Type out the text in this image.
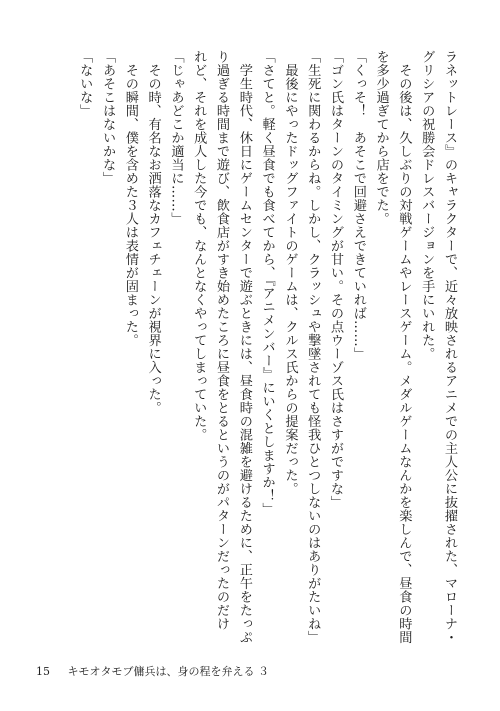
ラネットレース』のキャラクターで、近々放映されるアニメでの主人公に抜擢された、マローナ・
グリシアの祝勝会ドレスバージョンを手にいれた。
　その後は、久しぶりの対戦ゲームやレースゲーム。メダルゲームなんかを楽しんで、昼食の時間
を多少過ぎてから店をでた。
「くっそ！　あそこで回避さえできていれば……」
「ゴン氏はターンのタイミングが甘い。その点ウーゾス氏はさすがですな」
「生死に関わるからね。しかし、クラッシュや撃墜されても怪我ひとつしないのはありがたいね」
　最後にやったドッグファイトのゲームは、クルス氏からの提案だった。
「さてと。軽く昼食でも食べてから、『アニメンバー』にいくとしますか！」
　学生時代、休日にゲームセンターで遊ぶときには、昼食時の混雑を避けるために、正午をたっぷ
り過ぎる時間まで遊び、飲食店がすき始めたころに昼食をとるというのがパターンだったのだけ
れど、それを成人した今でも、なんとなくやってしまっていた。
「じゃあどこか適当に……」
　その時、有名なお洒落なカフェチェーンが視界に入った。
　その瞬間、僕を含めた３人は表情が固まった。
「あそこはないかな」
「ないな」
15 キモオタモブ傭兵は、身の程を弁える ３
